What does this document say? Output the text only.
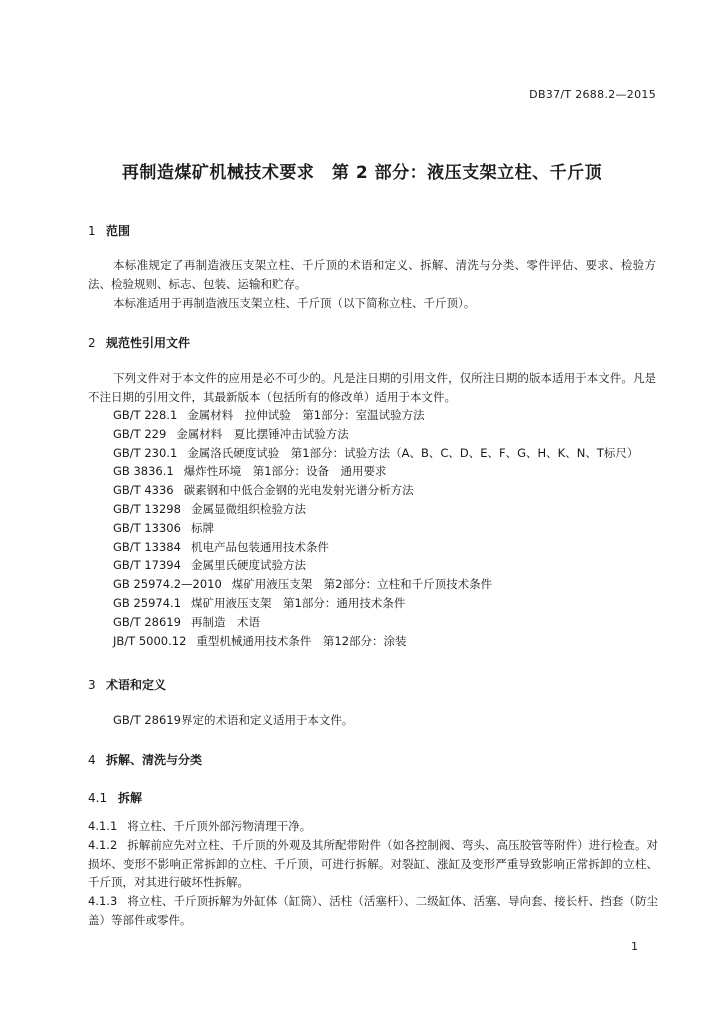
DB37/T 2688.2—2015
再制造煤矿机械技术要求　第 2 部分：液压支架立柱、千斤顶
1 范围
本标准规定了再制造液压支架立柱、千斤顶的术语和定义、拆解、清洗与分类、零件评估、要求、检验方法、检验规则、标志、包装、运输和贮存。
本标准适用于再制造液压支架立柱、千斤顶（以下简称立柱、千斤顶）。
2 规范性引用文件
下列文件对于本文件的应用是必不可少的。凡是注日期的引用文件，仅所注日期的版本适用于本文件。凡是不注日期的引用文件，其最新版本（包括所有的修改单）适用于本文件。
GB/T 228.1 金属材料　拉伸试验　第1部分：室温试验方法
GB/T 229 金属材料　夏比摆锤冲击试验方法
GB/T 230.1 金属洛氏硬度试验　第1部分：试验方法（A、B、C、D、E、F、G、H、K、N、T标尺）
GB 3836.1 爆炸性环境　第1部分：设备　通用要求
GB/T 4336 碳素钢和中低合金钢的光电发射光谱分析方法
GB/T 13298 金属显微组织检验方法
GB/T 13306 标牌
GB/T 13384 机电产品包装通用技术条件
GB/T 17394 金属里氏硬度试验方法
GB 25974.2—2010 煤矿用液压支架　第2部分：立柱和千斤顶技术条件
GB 25974.1 煤矿用液压支架　第1部分：通用技术条件
GB/T 28619 再制造　术语
JB/T 5000.12 重型机械通用技术条件　第12部分：涂装
3 术语和定义
GB/T 28619界定的术语和定义适用于本文件。
4 拆解、清洗与分类
4.1 拆解
4.1.1 将立柱、千斤顶外部污物清理干净。
4.1.2 拆解前应先对立柱、千斤顶的外观及其所配带附件（如各控制阀、弯头、高压胶管等附件）进行检查。对损坏、变形不影响正常拆卸的立柱、千斤顶，可进行拆解。对裂缸、涨缸及变形严重导致影响正常拆卸的立柱、千斤顶，对其进行破坏性拆解。
4.1.3 将立柱、千斤顶拆解为外缸体（缸筒）、活柱（活塞杆）、二级缸体、活塞、导向套、接长杆、挡套（防尘盖）等部件或零件。
1
